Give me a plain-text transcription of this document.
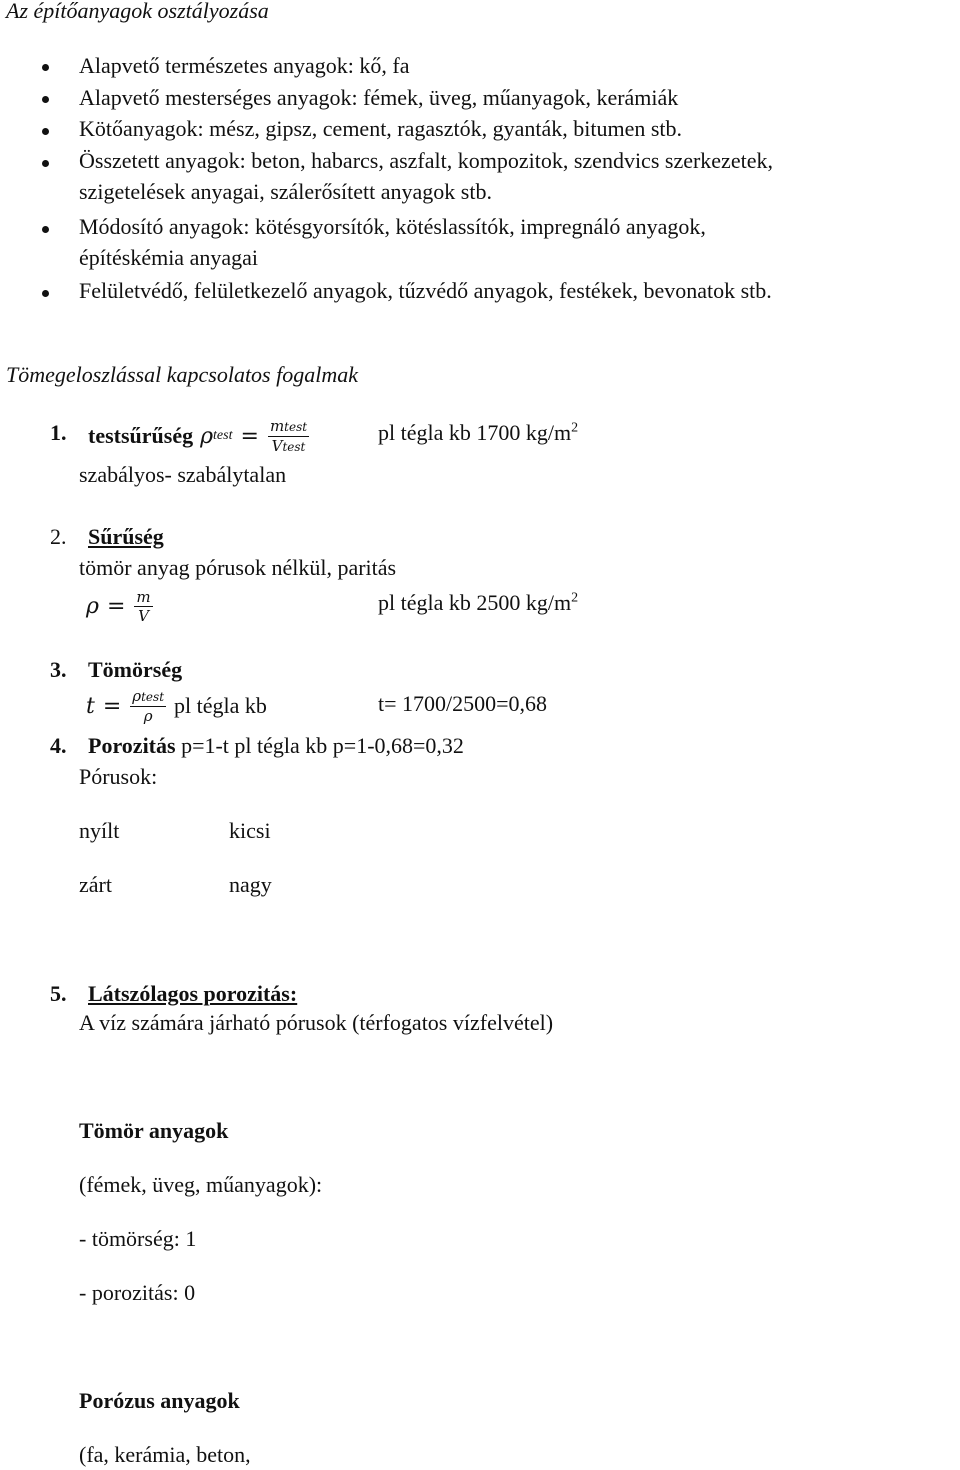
Az építőanyagok osztályozása
Alapvető természetes anyagok: kő, fa
Alapvető mesterséges anyagok: fémek, üveg, műanyagok, kerámiák
Kötőanyagok: mész, gipsz, cement, ragasztók, gyanták, bitumen stb.
Összetett anyagok: beton, habarcs, aszfalt, kompozitok, szendvics szerkezetek,
szigetelések anyagai, szálerősített anyagok stb.
Módosító anyagok: kötésgyorsítók, kötéslassítók, impregnáló anyagok,
építéskémia anyagai
Felületvédő, felületkezelő anyagok, tűzvédő anyagok, festékek, bevonatok stb.
Tömegeloszlással kapcsolatos fogalmak
1. testsűrűség ρ test = $\frac{\text{mtest}}{\text{Vtest}}$	pl tégla kb 1700 $kg/m^2$
szabályos- szabálytalan
2. Sűrűség
tömör anyag pórusok nélkül, paritás
$\rho = \frac{m}{V}$	pl tégla kb 2500 $kg/m^2$
3. Tömörség
$t = \frac{\text{ρtest}}{\rho}$ pl tégla kb	t= 1700/2500=0,68
4. Porozitás p=1-t pl tégla kb p=1-0,68=0,32
Pórusok:
nyílt	kicsi
zárt	nagy
5. Látszólagos porozitás:
A víz számára járható pórusok (térfogatos vízfelvétel)
Tömör anyagok
(fémek, üveg, műanyagok):
- tömörség: 1
- porozitás: 0
Porózus anyagok
(fa, kerámia, beton,
